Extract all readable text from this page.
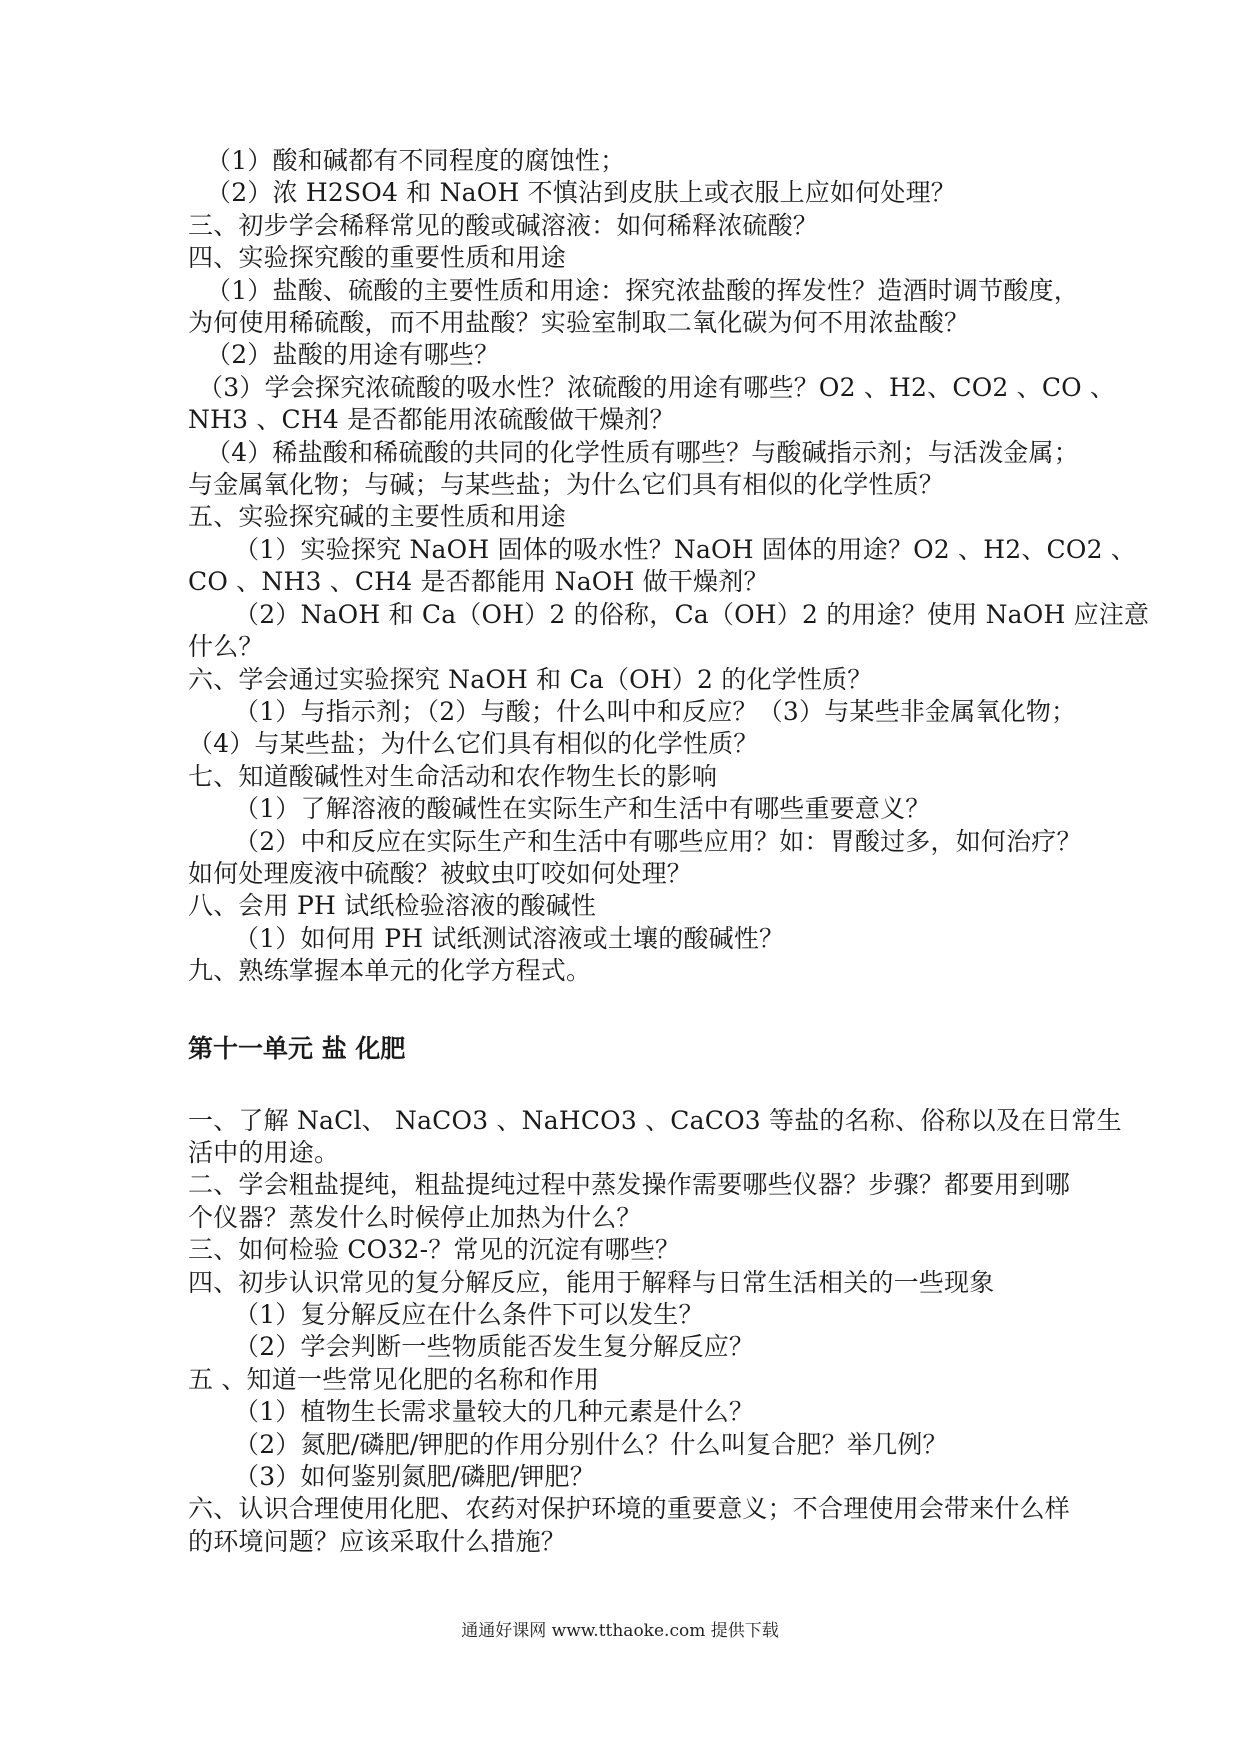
（1）酸和碱都有不同程度的腐蚀性；
（2）浓 H2SO4 和 NaOH 不慎沾到皮肤上或衣服上应如何处理？
三、初步学会稀释常见的酸或碱溶液：如何稀释浓硫酸？
四、实验探究酸的重要性质和用途
（1）盐酸、硫酸的主要性质和用途：探究浓盐酸的挥发性？造酒时调节酸度，
为何使用稀硫酸，而不用盐酸？实验室制取二氧化碳为何不用浓盐酸？
（2）盐酸的用途有哪些？
（3）学会探究浓硫酸的吸水性？浓硫酸的用途有哪些？O2 、H2、CO2 、CO 、
NH3 、CH4 是否都能用浓硫酸做干燥剂？
（4）稀盐酸和稀硫酸的共同的化学性质有哪些？与酸碱指示剂；与活泼金属；
与金属氧化物；与碱；与某些盐；为什么它们具有相似的化学性质？
五、实验探究碱的主要性质和用途
（1）实验探究 NaOH 固体的吸水性？NaOH 固体的用途？O2 、H2、CO2 、
CO 、NH3 、CH4 是否都能用 NaOH 做干燥剂？
（2）NaOH 和 Ca（OH）2 的俗称，Ca（OH）2 的用途？使用 NaOH 应注意
什么？
六、学会通过实验探究 NaOH 和 Ca（OH）2 的化学性质？
（1）与指示剂；（2）与酸；什么叫中和反应？（3）与某些非金属氧化物；
（4）与某些盐；为什么它们具有相似的化学性质？
七、知道酸碱性对生命活动和农作物生长的影响
（1）了解溶液的酸碱性在实际生产和生活中有哪些重要意义？
（2）中和反应在实际生产和生活中有哪些应用？如：胃酸过多，如何治疗？
如何处理废液中硫酸？被蚊虫叮咬如何处理？
八、会用 PH 试纸检验溶液的酸碱性
（1）如何用 PH 试纸测试溶液或土壤的酸碱性？
九、熟练掌握本单元的化学方程式。
第十一单元 盐 化肥
一、了解 NaCl、 NaCO3 、NaHCO3 、CaCO3 等盐的名称、俗称以及在日常生
活中的用途。
二、学会粗盐提纯，粗盐提纯过程中蒸发操作需要哪些仪器？步骤？都要用到哪
个仪器？蒸发什么时候停止加热为什么？
三、如何检验 CO32-？常见的沉淀有哪些？
四、初步认识常见的复分解反应，能用于解释与日常生活相关的一些现象
（1）复分解反应在什么条件下可以发生？
（2）学会判断一些物质能否发生复分解反应？
五 、知道一些常见化肥的名称和作用
（1）植物生长需求量较大的几种元素是什么？
（2）氮肥/磷肥/钾肥的作用分别什么？什么叫复合肥？举几例？
（3）如何鉴别氮肥/磷肥/钾肥？
六、认识合理使用化肥、农药对保护环境的重要意义；不合理使用会带来什么样
的环境问题？应该采取什么措施？
通通好课网 www.tthaoke.com 提供下载
